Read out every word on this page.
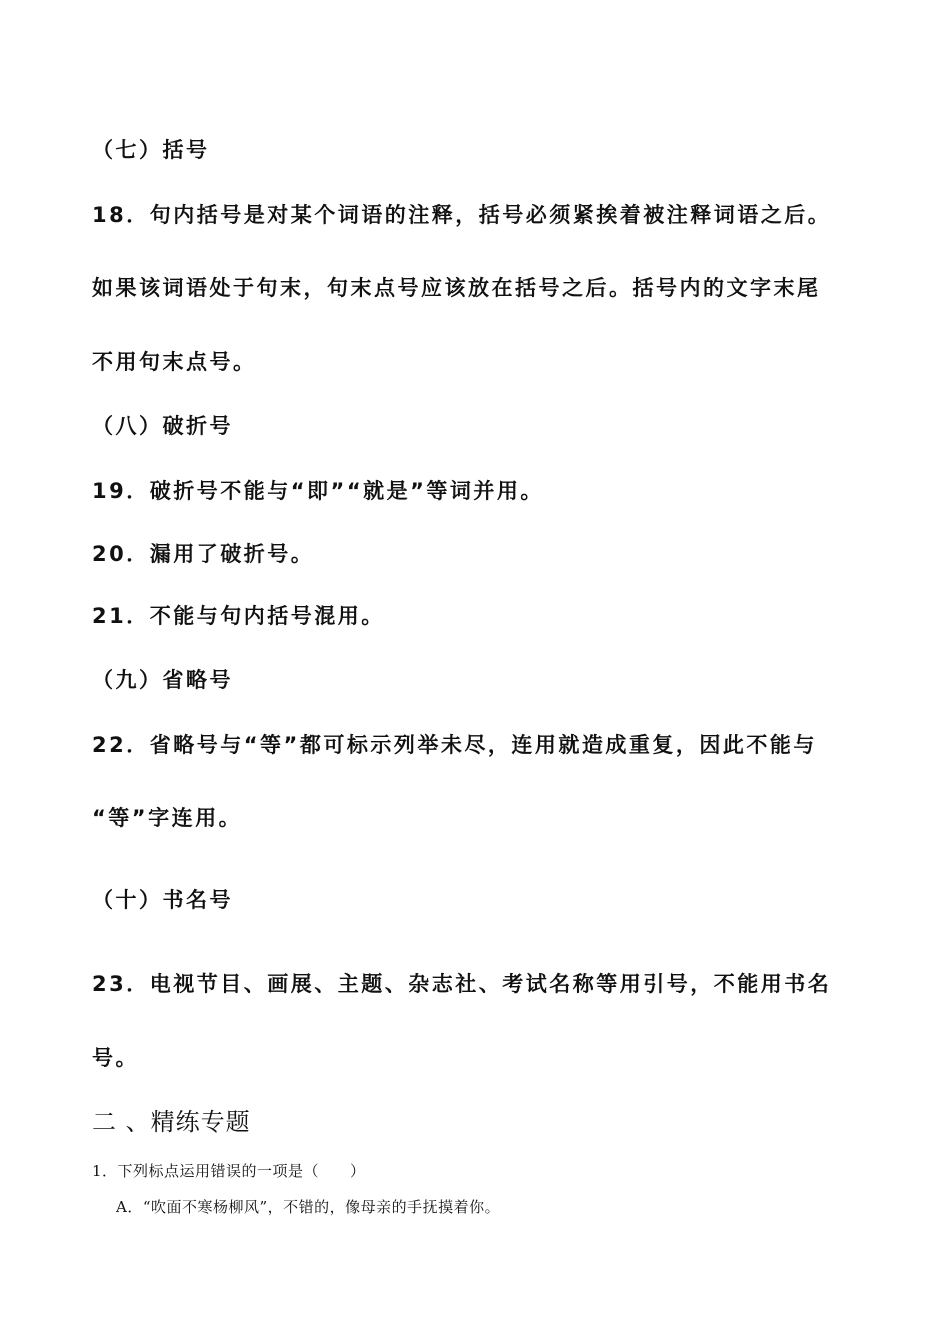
（七）括号
18．句内括号是对某个词语的注释，括号必须紧挨着被注释词语之后。
如果该词语处于句末，句末点号应该放在括号之后。括号内的文字末尾
不用句末点号。
（八）破折号
19．破折号不能与“即”“就是”等词并用。
20．漏用了破折号。
21．不能与句内括号混用。
（九）省略号
22．省略号与“等”都可标示列举未尽，连用就造成重复，因此不能与
“等”字连用。
（十）书名号
23．电视节目、画展、主题、杂志社、考试名称等用引号，不能用书名
号。
二 、精练专题
1．下列标点运用错误的一项是（　　）
A．“吹面不寒杨柳风”，不错的，像母亲的手抚摸着你。
